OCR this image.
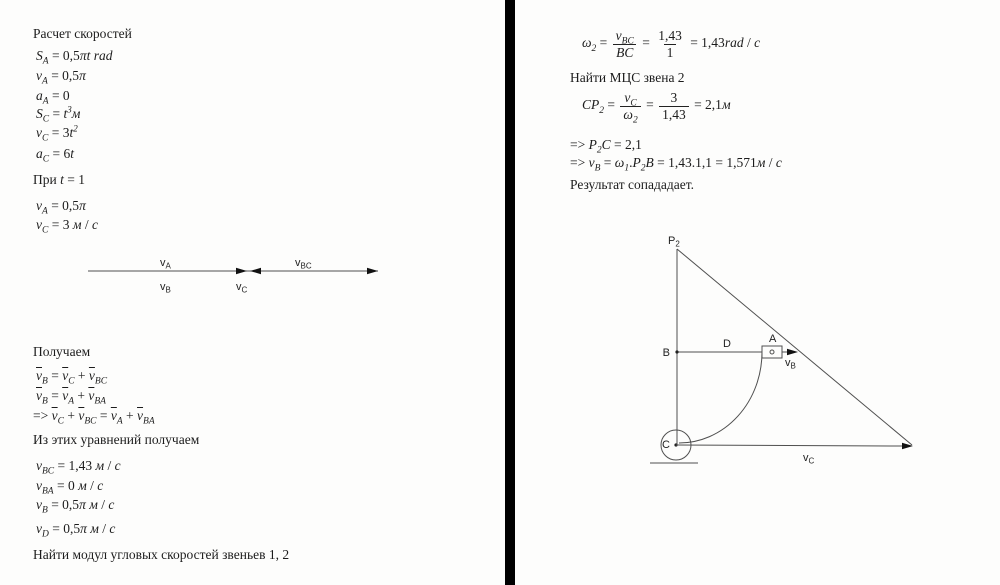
Расчет скоростей
$S_A = 0,5\pi t$ rad
$v_A = 0,5\pi$
$a_A = 0$
$S_C = t^3м$
$v_C = 3t^2$
$a_C = 6t$
При t = 1
$v_A = 0,5\pi$
$v_C = 3$ м / с
$v_A$
$v_B$	$v_C$
$v_{BC}$
Получаем
$\overline{v}_B = \overline{v}_C + \overline{v}_{BC}$
$\overline{v}_B = \overline{v}_A + \overline{v}_{BA}$
=> $\overline{v}_C + \overline{v}_{BC} = \overline{v}_A + \overline{v}_{BA}$
Из этих уравнений получаем
$v_{BC} = 1,43$ м / с
$v_{BA} = 0$ м / с
$v_B = 0,5\pi$ м / с
$v_D = 0,5\pi$ м / с
Найти модул угловых скоростей звеньев 1, 2
$\omega_2 = \frac{v_{BC}}{BC} = \frac{1,43}{1} = 1,43rad / c$
Найти МЦС звена 2
$CP_2 = \frac{v_C}{\omega_2} = \frac{3}{1,43} = 2,1м$
=> $P_2C = 2,1$
=> $v_B = \omega_1.P_2B = 1,43.1,1 = 1,571м / с$
Результат сопададает.
$P_2$
B
D	A
$v_B$
C
$v_C$
